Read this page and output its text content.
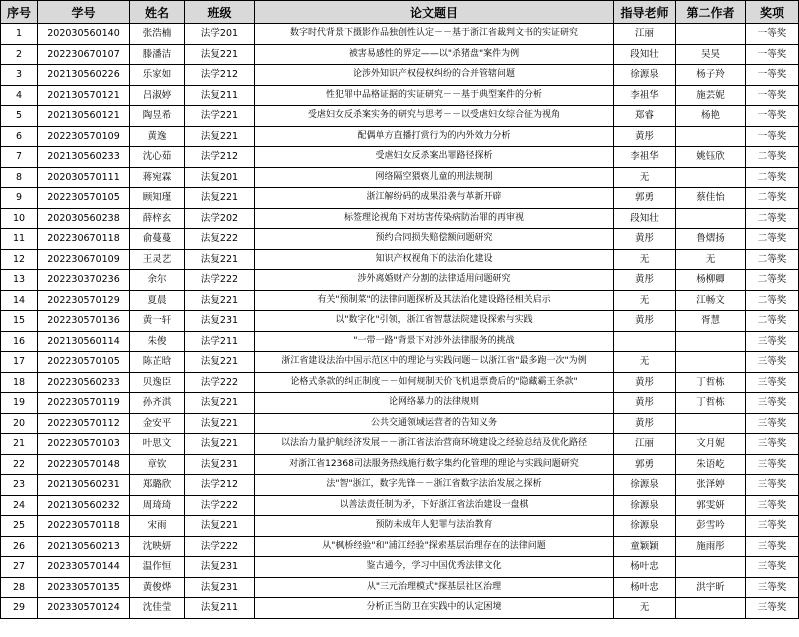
序号	学号	姓名	班级	论文题目	指导老师	第二作者	奖项
1	202030560140	张浩楠	法学201	数字时代背景下摄影作品独创性认定－－基于浙江省裁判文书的实证研究	江丽		一等奖
2	202230670107	滕潘洁	法复221	被害易感性的界定——以"杀猪盘"案件为例	段知壮	吴昊	一等奖
3	202130560226	乐家如	法学212	论涉外知识产权侵权纠纷的合并管辖问题	徐源泉	杨子羚	一等奖
4	202130570121	吕淑婷	法复211	性犯罪中品格证据的实证研究－－基于典型案件的分析	李祖华	施芸妮	一等奖
5	202130560121	陶昱希	法学221	受虐妇女反杀案实务的研究与思考－－以受虐妇女综合征为视角	郑睿	杨艳	一等奖
6	202230570109	黄逸	法复221	配偶单方直播打赏行为的内外效力分析	黄彤		一等奖
7	202130560233	沈心茹	法学212	受虐妇女反杀案出罪路径探析	李祖华	姚钰欣	二等奖
8	202030570111	蒋宛霖	法复201	网络隔空猥亵儿童的刑法规制	无		二等奖
9	202230570105	顾知瑾	法复221	浙江解纷码的成果沿袭与革新开辟	郭勇	蔡佳怡	二等奖
10	202030560238	薛梓玄	法学202	标签理论视角下对坊害传染病防治罪的再审视	段知壮		二等奖
11	202230670118	俞蔓蔓	法复222	预约合同损失赔偿额问题研究	黄彤	鲁熠扬	二等奖
12	202230670109	王灵艺	法复221	知识产权视角下的法治化建设	无	无	二等奖
13	202230370236	余尔	法学222	涉外离婚财产分割的法律适用问题研究	黄彤	杨柳卿	二等奖
14	202230570129	夏晨	法复221	有关"预制菜"的法律问题探析及其法治化建设路径相关启示	无	江畅文	二等奖
15	202230570136	黄一轩	法复231	以"数字化"引领，浙江省智慧法院建设探索与实践	黄彤	胥慧	二等奖
16	202130560114	朱俊	法学211	"一带一路"背景下对涉外法律服务的挑战			三等奖
17	202230570105	陈芷晗	法复221	浙江省建设法治中国示范区中的理论与实践问题－以浙江省"最多跑一次"为例	无		三等奖
18	202230560233	贝逸臣	法学222	论格式条款的纠正制度－－如何规制天价飞机退票费后的"隐藏霸王条款"	黄彤	丁哲栋	三等奖
19	202230570119	孙齐淇	法复221	论网络暴力的法律规则	黄彤	丁哲栋	三等奖
20	202230570112	金安平	法复221	公共交通领域运营者的告知义务	黄彤		三等奖
21	202230570103	叶思文	法复221	以法治力量护航经济发展－－浙江省法治营商环境建设之经验总结及优化路径	江丽	文月妮	三等奖
22	202230570148	章钦	法复231	对浙江省12368司法服务热线施行数字集约化管理的理论与实践问题研究	郭勇	朱语屹	三等奖
23	202130560231	郑璐欣	法学212	法"智"浙江，数字先锋－－浙江省数字法治发展之探析	徐源泉	张泽婷	三等奖
24	202130560232	周琦琦	法学222	以善法责任制为矛，下好浙江省法治建设一盘棋	徐源泉	郭雯妍	三等奖
25	202230570118	宋雨	法复221	预防未成年人犯罪与法治教育	徐源泉	彭雪吟	三等奖
26	202130560213	沈映妍	法学222	从"枫桥经验"和"浦江经验"探索基层治理存在的法律问题	童颖颖	施雨彤	三等奖
27	202330570144	温作恒	法复231	鉴古通今，学习中国优秀法律文化	杨叶忠		三等奖
28	202330570135	黄俊烨	法复231	从"三元治理模式"探基层社区治理	杨叶忠	洪宇昕	三等奖
29	202330570124	沈佳莹	法复211	分析正当防卫在实践中的认定困境	无		三等奖
